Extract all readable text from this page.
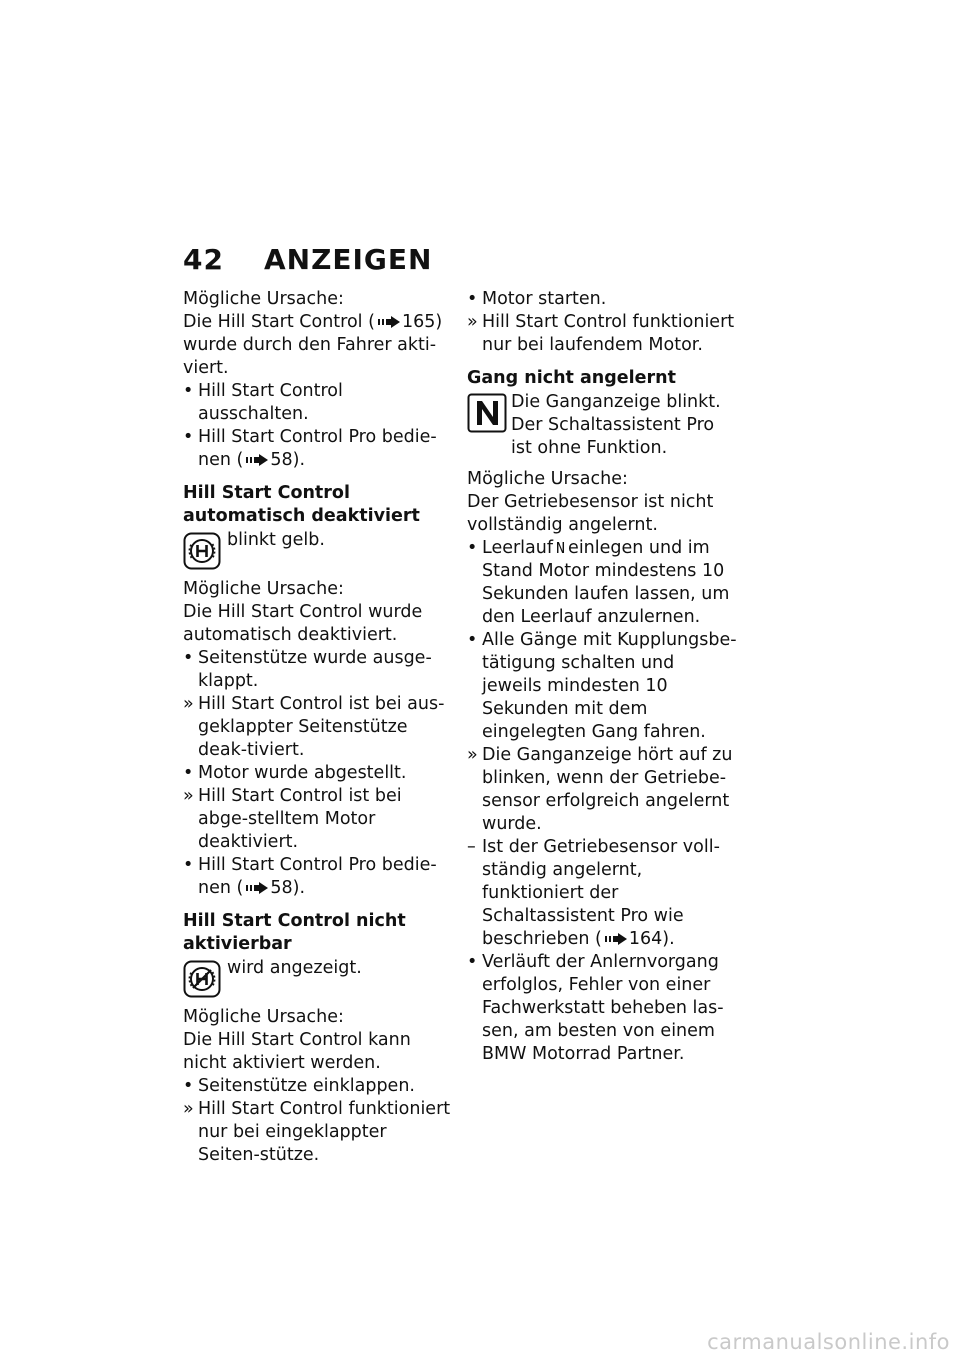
42 ANZEIGEN

Mögliche Ursache:

Die Hill Start Control ( 165) wurde durch den Fahrer akti-viert.

• Hill Start Control ausschalten.

• Hill Start Control Pro bedie-nen ( 58).

Hill Start Control automatisch deaktiviert

blinkt gelb.

Mögliche Ursache:

Die Hill Start Control wurde automatisch deaktiviert.

• Seitenstütze wurde ausge-klappt.

» Hill Start Control ist bei aus-geklappter Seitenstütze deak-tiviert.

• Motor wurde abgestellt.

» Hill Start Control ist bei abge-stelltem Motor deaktiviert.

• Hill Start Control Pro bedie-nen ( 58).

Hill Start Control nicht aktivierbar

wird angezeigt.

Mögliche Ursache:

Die Hill Start Control kann nicht aktiviert werden.

• Seitenstütze einklappen.

» Hill Start Control funktioniert nur bei eingeklappter Seiten-stütze.

• Motor starten.

» Hill Start Control funktioniert nur bei laufendem Motor.

Gang nicht angelernt

Die Ganganzeige blinkt. Der Schaltassistent Pro ist ohne Funktion.

Mögliche Ursache:

Der Getriebesensor ist nicht vollständig angelernt.

• Leerlauf N einlegen und im Stand Motor mindestens 10 Sekunden laufen lassen, um den Leerlauf anzulernen.

• Alle Gänge mit Kupplungsbe-tätigung schalten und jeweils mindesten 10 Sekunden mit dem eingelegten Gang fahren.

» Die Ganganzeige hört auf zu blinken, wenn der Getriebe-sensor erfolgreich angelernt wurde.

– Ist der Getriebesensor voll-ständig angelernt, funktioniert der Schaltassistent Pro wie beschrieben ( 164).

• Verläuft der Anlernvorgang erfolglos, Fehler von einer Fachwerkstatt beheben las-sen, am besten von einem BMW Motorrad Partner.

carmanualsonline.info
